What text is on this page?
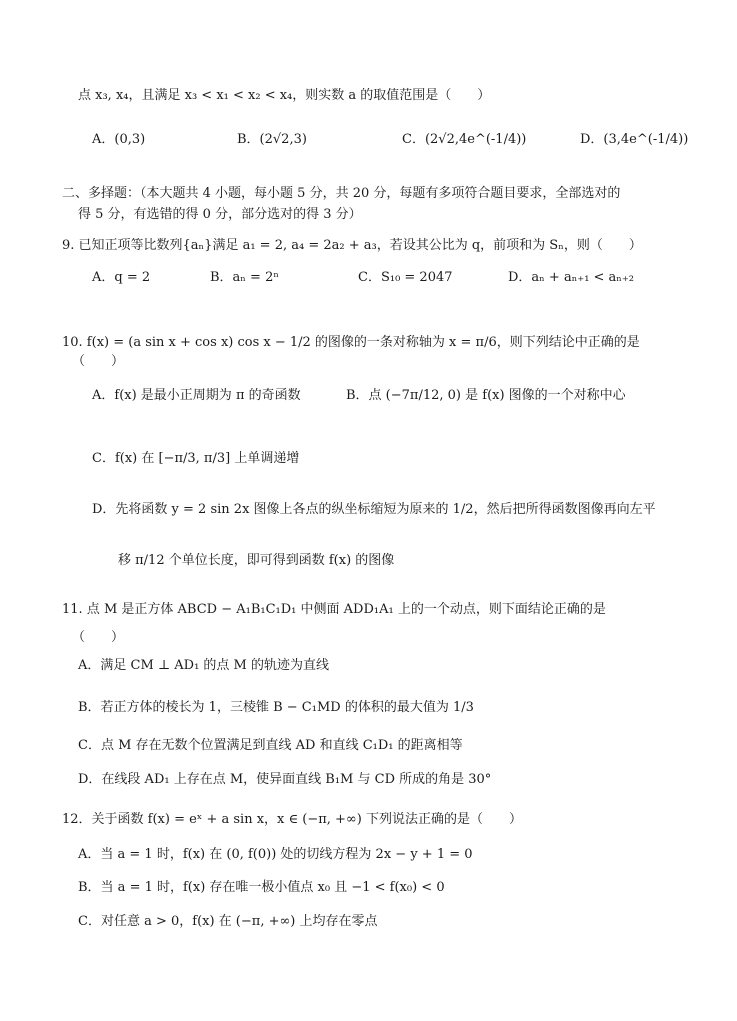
点 x₃, x₄，且满足 x₃ < x₁ < x₂ < x₄，则实数 a 的取值范围是（　　）
A．(0,3)	B．(2√2,3)	C．(2√2,4e^(-1/4))	D．(3,4e^(-1/4))
二、多择题：（本大题共 4 小题，每小题 5 分，共 20 分，每题有多项符合题目要求，全部选对的
得 5 分，有选错的得 0 分，部分选对的得 3 分）
9. 已知正项等比数列{aₙ}满足 a₁ = 2, a₄ = 2a₂ + a₃，若设其公比为 q，前项和为 Sₙ，则（　　）
A．q = 2	B．aₙ = 2ⁿ	C．S₁₀ = 2047	D．aₙ + aₙ₊₁ < aₙ₊₂
10. f(x) = (a sin x + cos x) cos x − 1/2 的图像的一条对称轴为 x = π/6，则下列结论中正确的是
（　　）
A．f(x) 是最小正周期为 π 的奇函数	B．点 (−7π/12, 0) 是 f(x) 图像的一个对称中心
C．f(x) 在 [−π/3, π/3] 上单调递增
D．先将函数 y = 2 sin 2x 图像上各点的纵坐标缩短为原来的 1/2，然后把所得函数图像再向左平
移 π/12 个单位长度，即可得到函数 f(x) 的图像
11. 点 M 是正方体 ABCD − A₁B₁C₁D₁ 中侧面 ADD₁A₁ 上的一个动点，则下面结论正确的是
（　　）
A．满足 CM ⊥ AD₁ 的点 M 的轨迹为直线
B．若正方体的棱长为 1，三棱锥 B − C₁MD 的体积的最大值为 1/3
C．点 M 存在无数个位置满足到直线 AD 和直线 C₁D₁ 的距离相等
D．在线段 AD₁ 上存在点 M，使异面直线 B₁M 与 CD 所成的角是 30°
12．关于函数 f(x) = eˣ + a sin x，x ∈ (−π, +∞) 下列说法正确的是（　　）
A．当 a = 1 时，f(x) 在 (0, f(0)) 处的切线方程为 2x − y + 1 = 0
B．当 a = 1 时，f(x) 存在唯一极小值点 x₀ 且 −1 < f(x₀) < 0
C．对任意 a > 0，f(x) 在 (−π, +∞) 上均存在零点
